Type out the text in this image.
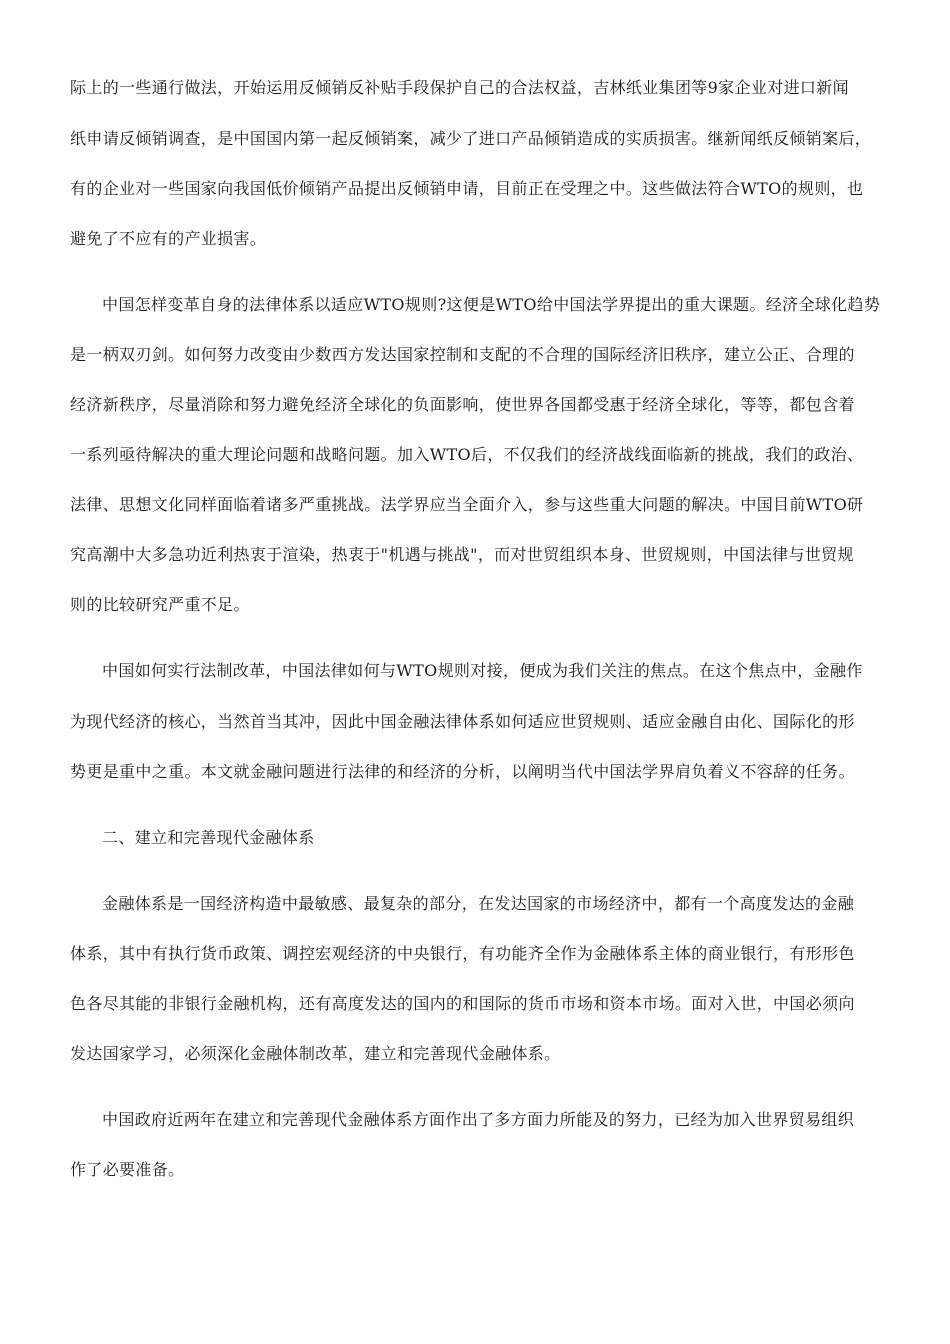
际上的一些通行做法，开始运用反倾销反补贴手段保护自己的合法权益，吉林纸业集团等9家企业对进口新闻
纸申请反倾销调查，是中国国内第一起反倾销案，减少了进口产品倾销造成的实质损害。继新闻纸反倾销案后，
有的企业对一些国家向我国低价倾销产品提出反倾销申请，目前正在受理之中。这些做法符合WTO的规则，也
避免了不应有的产业损害。
中国怎样变革自身的法律体系以适应WTO规则?这便是WTO给中国法学界提出的重大课题。经济全球化趋势
是一柄双刃剑。如何努力改变由少数西方发达国家控制和支配的不合理的国际经济旧秩序，建立公正、合理的
经济新秩序，尽量消除和努力避免经济全球化的负面影响，使世界各国都受惠于经济全球化，等等，都包含着
一系列亟待解决的重大理论问题和战略问题。加入WTO后，不仅我们的经济战线面临新的挑战，我们的政治、
法律、思想文化同样面临着诸多严重挑战。法学界应当全面介入，参与这些重大问题的解决。中国目前WTO研
究高潮中大多急功近利热衷于渲染，热衷于"机遇与挑战"，而对世贸组织本身、世贸规则，中国法律与世贸规
则的比较研究严重不足。
中国如何实行法制改革，中国法律如何与WTO规则对接，便成为我们关注的焦点。在这个焦点中，金融作
为现代经济的核心，当然首当其冲，因此中国金融法律体系如何适应世贸规则、适应金融自由化、国际化的形
势更是重中之重。本文就金融问题进行法律的和经济的分析，以阐明当代中国法学界肩负着义不容辞的任务。
二、建立和完善现代金融体系
金融体系是一国经济构造中最敏感、最复杂的部分，在发达国家的市场经济中，都有一个高度发达的金融
体系，其中有执行货币政策、调控宏观经济的中央银行，有功能齐全作为金融体系主体的商业银行，有形形色
色各尽其能的非银行金融机构，还有高度发达的国内的和国际的货币市场和资本市场。面对入世，中国必须向
发达国家学习，必须深化金融体制改革，建立和完善现代金融体系。
中国政府近两年在建立和完善现代金融体系方面作出了多方面力所能及的努力，已经为加入世界贸易组织
作了必要准备。
